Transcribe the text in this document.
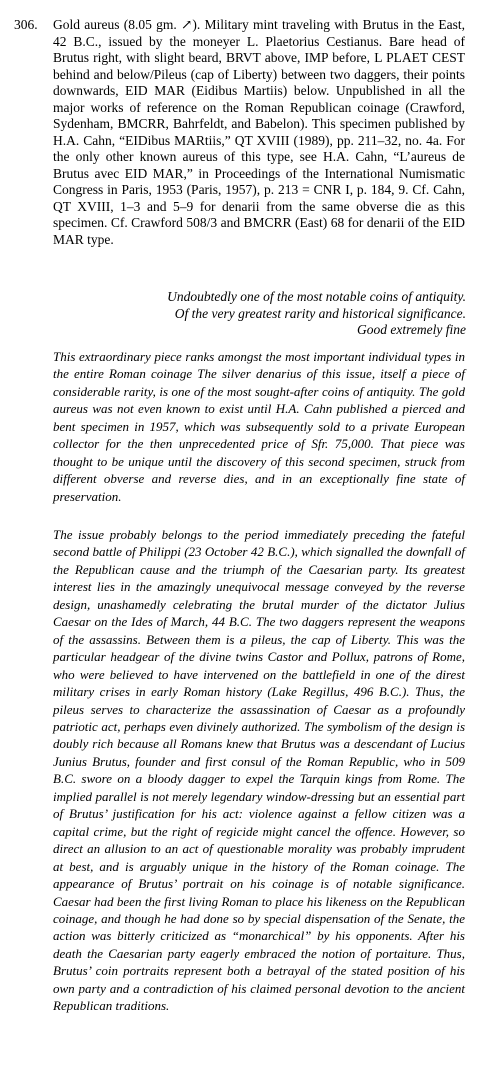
306. Gold aureus (8.05 gm. ↗). Military mint traveling with Brutus in the East, 42 B.C., issued by the moneyer L. Plaetorius Cestianus. Bare head of Brutus right, with slight beard, BRVT above, IMP before, L PLAET CEST behind and below/Pileus (cap of Liberty) between two daggers, their points downwards, EID MAR (Eidibus Martiis) below. Unpublished in all the major works of reference on the Roman Republican coinage (Crawford, Sydenham, BMCRR, Bahrfeldt, and Babelon). This specimen published by H.A. Cahn, “EIDibus MARtiis,” QT XVIII (1989), pp. 211–32, no. 4a. For the only other known aureus of this type, see H.A. Cahn, “L’aureus de Brutus avec EID MAR,” in Proceedings of the International Numismatic Congress in Paris, 1953 (Paris, 1957), p. 213 = CNR I, p. 184, 9. Cf. Cahn, QT XVIII, 1–3 and 5–9 for denarii from the same obverse die as this specimen. Cf. Crawford 508/3 and BMCRR (East) 68 for denarii of the EID MAR type.

Undoubtedly one of the most notable coins of antiquity.
Of the very greatest rarity and historical significance.
Good extremely fine

This extraordinary piece ranks amongst the most important individual types in the entire Roman coinage The silver denarius of this issue, itself a piece of considerable rarity, is one of the most sought-after coins of antiquity. The gold aureus was not even known to exist until H.A. Cahn published a pierced and bent specimen in 1957, which was subsequently sold to a private European collector for the then unprecedented price of Sfr. 75,000. That piece was thought to be unique until the discovery of this second specimen, struck from different obverse and reverse dies, and in an exceptionally fine state of preservation.

The issue probably belongs to the period immediately preceding the fateful second battle of Philippi (23 October 42 B.C.), which signalled the downfall of the Republican cause and the triumph of the Caesarian party. Its greatest interest lies in the amazingly unequivocal message conveyed by the reverse design, unashamedly celebrating the brutal murder of the dictator Julius Caesar on the Ides of March, 44 B.C. The two daggers represent the weapons of the assassins. Between them is a pileus, the cap of Liberty. This was the particular headgear of the divine twins Castor and Pollux, patrons of Rome, who were believed to have intervened on the battlefield in one of the direst military crises in early Roman history (Lake Regillus, 496 B.C.). Thus, the pileus serves to characterize the assassination of Caesar as a profoundly patriotic act, perhaps even divinely authorized. The symbolism of the design is doubly rich because all Romans knew that Brutus was a descendant of Lucius Junius Brutus, founder and first consul of the Roman Republic, who in 509 B.C. swore on a bloody dagger to expel the Tarquin kings from Rome. The implied parallel is not merely legendary window-dressing but an essential part of Brutus’ justification for his act: violence against a fellow citizen was a capital crime, but the right of regicide might cancel the offence. However, so direct an allusion to an act of questionable morality was probably imprudent at best, and is arguably unique in the history of the Roman coinage. The appearance of Brutus’ portrait on his coinage is of notable significance. Caesar had been the first living Roman to place his likeness on the Republican coinage, and though he had done so by special dispensation of the Senate, the action was bitterly criticized as “monarchical” by his opponents. After his death the Caesarian party eagerly embraced the notion of portaiture. Thus, Brutus’ coin portraits represent both a betrayal of the stated position of his own party and a contradiction of his claimed personal devotion to the ancient Republican traditions.
